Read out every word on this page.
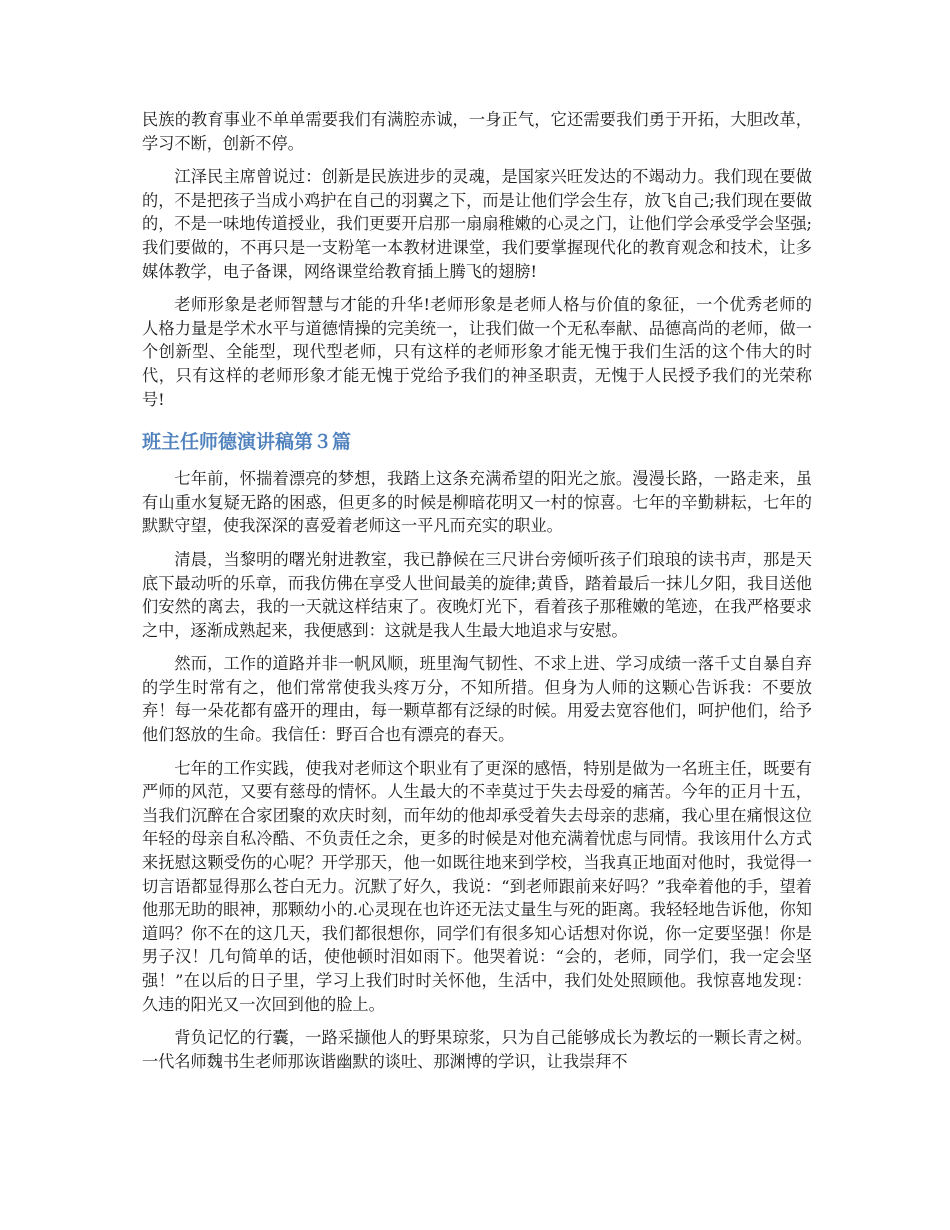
民族的教育事业不单单需要我们有满腔赤诚，一身正气，它还需要我们勇于开拓，大胆改革，学习不断，创新不停。

江泽民主席曾说过：创新是民族进步的灵魂，是国家兴旺发达的不竭动力。我们现在要做的，不是把孩子当成小鸡护在自己的羽翼之下，而是让他们学会生存，放飞自己;我们现在要做的，不是一味地传道授业，我们更要开启那一扇扇稚嫩的心灵之门，让他们学会承受学会坚强;我们要做的，不再只是一支粉笔一本教材进课堂，我们要掌握现代化的教育观念和技术，让多媒体教学，电子备课，网络课堂给教育插上腾飞的翅膀!

老师形象是老师智慧与才能的升华!老师形象是老师人格与价值的象征，一个优秀老师的人格力量是学术水平与道德情操的完美统一，让我们做一个无私奉献、品德高尚的老师，做一个创新型、全能型，现代型老师，只有这样的老师形象才能无愧于我们生活的这个伟大的时代，只有这样的老师形象才能无愧于党给予我们的神圣职责，无愧于人民授予我们的光荣称号!

班主任师德演讲稿第３篇

七年前，怀揣着漂亮的梦想，我踏上这条充满希望的阳光之旅。漫漫长路，一路走来，虽有山重水复疑无路的困惑，但更多的时候是柳暗花明又一村的惊喜。七年的辛勤耕耘，七年的默默守望，使我深深的喜爱着老师这一平凡而充实的职业。

清晨，当黎明的曙光射进教室，我已静候在三尺讲台旁倾听孩子们琅琅的读书声，那是天底下最动听的乐章，而我仿佛在享受人世间最美的旋律;黄昏，踏着最后一抹儿夕阳，我目送他们安然的离去，我的一天就这样结束了。夜晚灯光下，看着孩子那稚嫩的笔迹，在我严格要求之中，逐渐成熟起来，我便感到：这就是我人生最大地追求与安慰。

然而，工作的道路并非一帆风顺，班里淘气韧性、不求上进、学习成绩一落千丈自暴自弃的学生时常有之，他们常常使我头疼万分，不知所措。但身为人师的这颗心告诉我：不要放弃！每一朵花都有盛开的理由，每一颗草都有泛绿的时候。用爱去宽容他们，呵护他们，给予他们怒放的生命。我信任：野百合也有漂亮的春天。

七年的工作实践，使我对老师这个职业有了更深的感悟，特别是做为一名班主任，既要有严师的风范，又要有慈母的情怀。人生最大的不幸莫过于失去母爱的痛苦。今年的正月十五，当我们沉醉在合家团聚的欢庆时刻，而年幼的他却承受着失去母亲的悲痛，我心里在痛恨这位年轻的母亲自私冷酷、不负责任之余，更多的时候是对他充满着忧虑与同情。我该用什么方式来抚慰这颗受伤的心呢？开学那天，他一如既往地来到学校，当我真正地面对他时，我觉得一切言语都显得那么苍白无力。沉默了好久，我说：“到老师跟前来好吗？”我牵着他的手，望着他那无助的眼神，那颗幼小的.心灵现在也许还无法丈量生与死的距离。我轻轻地告诉他，你知道吗？你不在的这几天，我们都很想你，同学们有很多知心话想对你说，你一定要坚强！你是男子汉！几句简单的话，使他顿时泪如雨下。他哭着说：“会的，老师，同学们，我一定会坚强！”在以后的日子里，学习上我们时时关怀他，生活中，我们处处照顾他。我惊喜地发现：久违的阳光又一次回到他的脸上。

背负记忆的行囊，一路采撷他人的野果琼浆，只为自己能够成长为教坛的一颗长青之树。一代名师魏书生老师那诙谐幽默的谈吐、那渊博的学识，让我崇拜不
